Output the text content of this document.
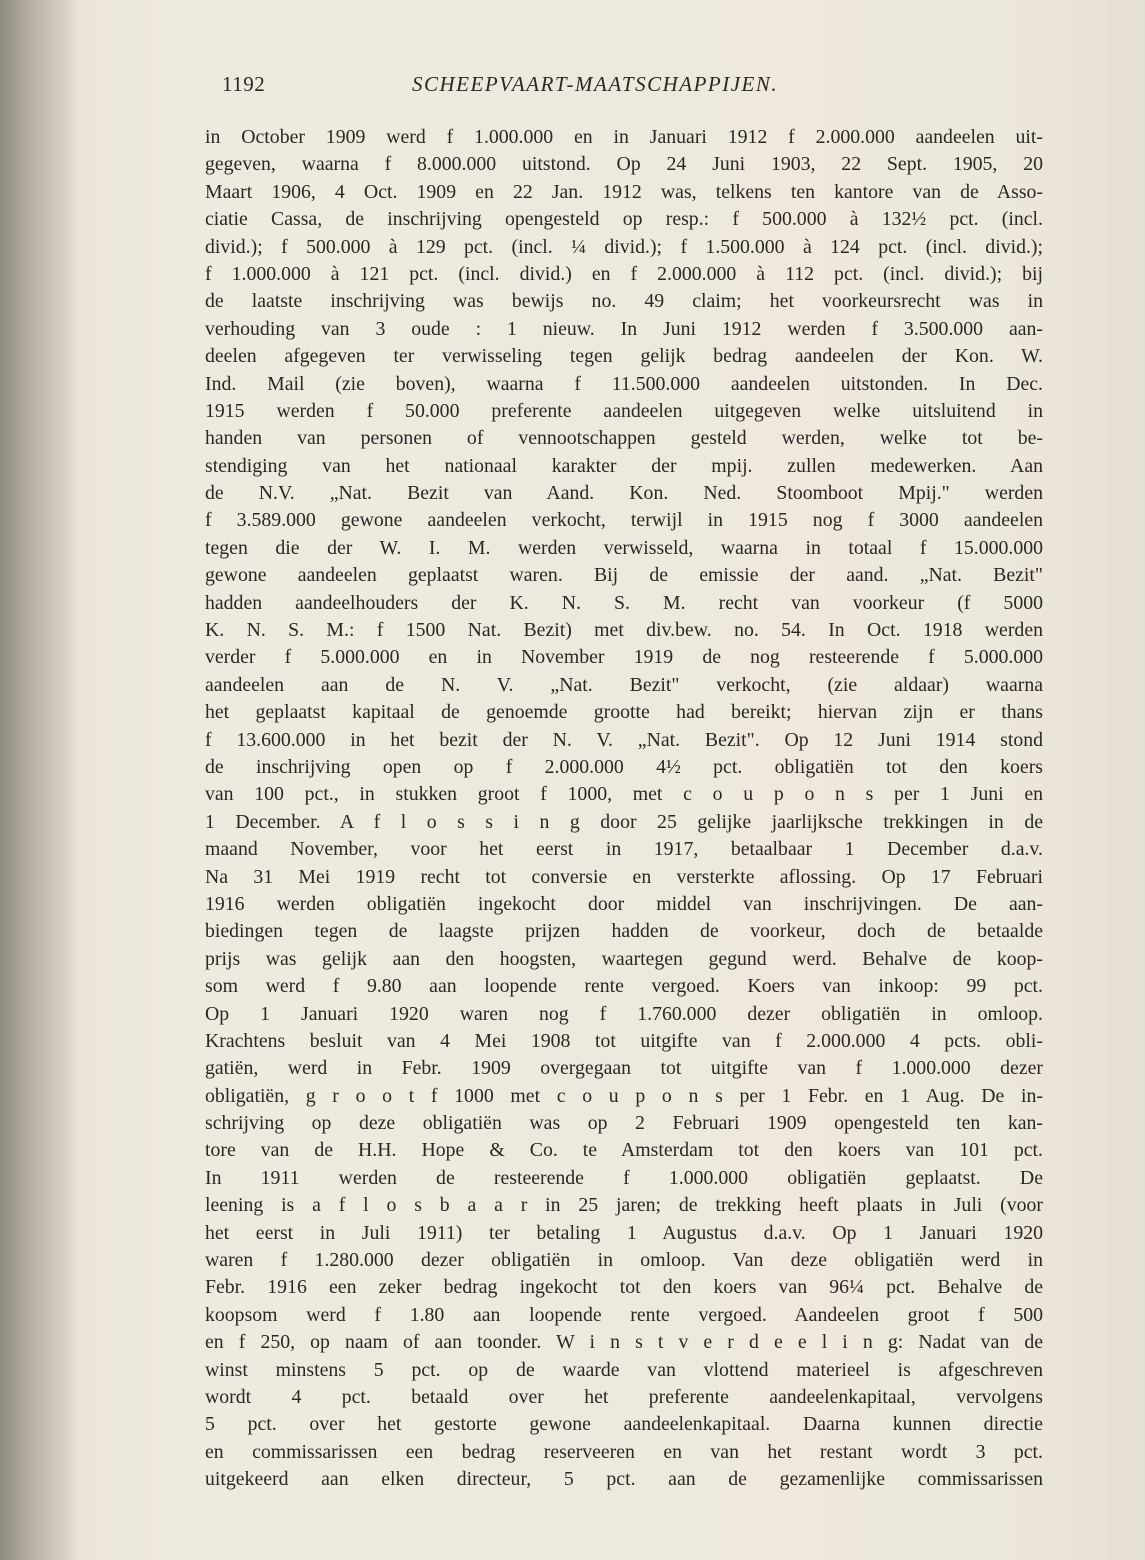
1192	SCHEEPVAART-MAATSCHAPPIJEN.
in October 1909 werd f 1.000.000 en in Januari 1912 f 2.000.000 aandeelen uit-
gegeven, waarna f 8.000.000 uitstond. Op 24 Juni 1903, 22 Sept. 1905, 20
Maart 1906, 4 Oct. 1909 en 22 Jan. 1912 was, telkens ten kantore van de Asso-
ciatie Cassa, de inschrijving opengesteld op resp.: f 500.000 à 132½ pct. (incl.
divid.); f 500.000 à 129 pct. (incl. ¼ divid.); f 1.500.000 à 124 pct. (incl. divid.);
f 1.000.000 à 121 pct. (incl. divid.) en f 2.000.000 à 112 pct. (incl. divid.); bij
de laatste inschrijving was bewijs no. 49 claim; het voorkeursrecht was in
verhouding van 3 oude : 1 nieuw. In Juni 1912 werden f 3.500.000 aan-
deelen afgegeven ter verwisseling tegen gelijk bedrag aandeelen der Kon. W.
Ind. Mail (zie boven), waarna f 11.500.000 aandeelen uitstonden. In Dec.
1915 werden f 50.000 preferente aandeelen uitgegeven welke uitsluitend in
handen van personen of vennootschappen gesteld werden, welke tot be-
stendiging van het nationaal karakter der mpij. zullen medewerken. Aan
de N.V. „Nat. Bezit van Aand. Kon. Ned. Stoomboot Mpij." werden
f 3.589.000 gewone aandeelen verkocht, terwijl in 1915 nog f 3000 aandeelen
tegen die der W. I. M. werden verwisseld, waarna in totaal f 15.000.000
gewone aandeelen geplaatst waren. Bij de emissie der aand. „Nat. Bezit"
hadden aandeelhouders der K. N. S. M. recht van voorkeur (f 5000
K. N. S. M.: f 1500 Nat. Bezit) met div.bew. no. 54. In Oct. 1918 werden
verder f 5.000.000 en in November 1919 de nog resteerende f 5.000.000
aandeelen aan de N. V. „Nat. Bezit" verkocht, (zie aldaar) waarna
het geplaatst kapitaal de genoemde grootte had bereikt; hiervan zijn er thans
f 13.600.000 in het bezit der N. V. „Nat. Bezit". Op 12 Juni 1914 stond
de inschrijving open op f 2.000.000 4½ pct. obligatiën tot den koers
van 100 pct., in stukken groot f 1000, met c o u p o n s per 1 Juni en
1 December. A f l o s s i n g door 25 gelijke jaarlijksche trekkingen in de
maand November, voor het eerst in 1917, betaalbaar 1 December d.a.v.
Na 31 Mei 1919 recht tot conversie en versterkte aflossing. Op 17 Februari
1916 werden obligatiën ingekocht door middel van inschrijvingen. De aan-
biedingen tegen de laagste prijzen hadden de voorkeur, doch de betaalde
prijs was gelijk aan den hoogsten, waartegen gegund werd. Behalve de koop-
som werd f 9.80 aan loopende rente vergoed. Koers van inkoop: 99 pct.
Op 1 Januari 1920 waren nog f 1.760.000 dezer obligatiën in omloop.
Krachtens besluit van 4 Mei 1908 tot uitgifte van f 2.000.000 4 pcts. obli-
gatiën, werd in Febr. 1909 overgegaan tot uitgifte van f 1.000.000 dezer
obligatiën, g r o o t f 1000 met c o u p o n s per 1 Febr. en 1 Aug. De in-
schrijving op deze obligatiën was op 2 Februari 1909 opengesteld ten kan-
tore van de H.H. Hope & Co. te Amsterdam tot den koers van 101 pct.
In 1911 werden de resteerende f 1.000.000 obligatiën geplaatst. De
leening is a f l o s b a a r in 25 jaren; de trekking heeft plaats in Juli (voor
het eerst in Juli 1911) ter betaling 1 Augustus d.a.v. Op 1 Januari 1920
waren f 1.280.000 dezer obligatiën in omloop. Van deze obligatiën werd in
Febr. 1916 een zeker bedrag ingekocht tot den koers van 96¼ pct. Behalve de
koopsom werd f 1.80 aan loopende rente vergoed. Aandeelen groot f 500
en f 250, op naam of aan toonder. W i n s t v e r d e e l i n g: Nadat van de
winst minstens 5 pct. op de waarde van vlottend materieel is afgeschreven
wordt 4 pct. betaald over het preferente aandeelenkapitaal, vervolgens
5 pct. over het gestorte gewone aandeelenkapitaal. Daarna kunnen directie
en commissarissen een bedrag reserveeren en van het restant wordt 3 pct.
uitgekeerd aan elken directeur, 5 pct. aan de gezamenlijke commissarissen
